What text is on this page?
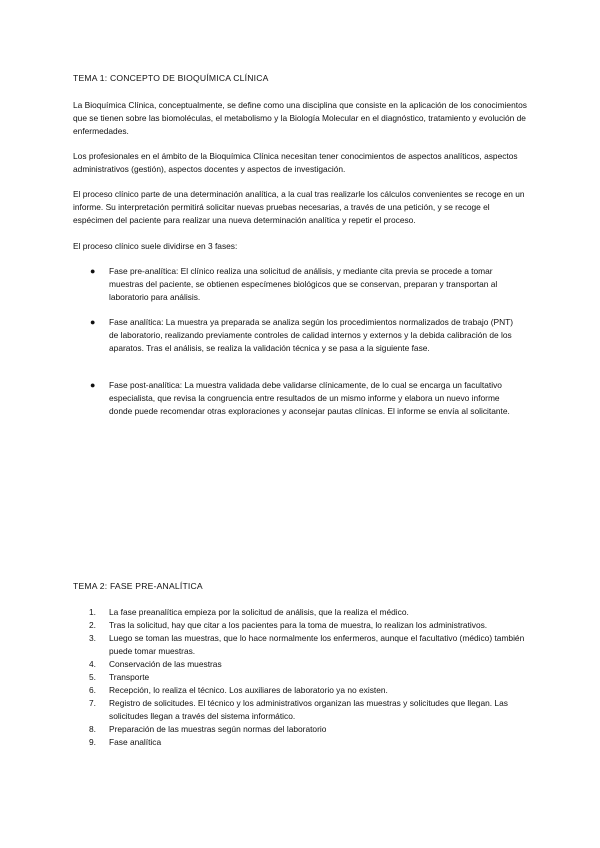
TEMA 1: CONCEPTO DE BIOQUÍMICA CLÍNICA

La Bioquímica Clínica, conceptualmente, se define como una disciplina que consiste en la aplicación de los conocimientos que se tienen sobre las biomoléculas, el metabolismo y la Biología Molecular en el diagnóstico, tratamiento y evolución de enfermedades.

Los profesionales en el ámbito de la Bioquímica Clínica necesitan tener conocimientos de aspectos analíticos, aspectos administrativos (gestión), aspectos docentes y aspectos de investigación.

El proceso clínico parte de una determinación analítica, a la cual tras realizarle los cálculos convenientes se recoge en un informe. Su interpretación permitirá solicitar nuevas pruebas necesarias, a través de una petición, y se recoge el espécimen del paciente para realizar una nueva determinación analítica y repetir el proceso.

El proceso clínico suele dividirse en 3 fases:

● Fase pre-analítica: El clínico realiza una solicitud de análisis, y mediante cita previa se procede a tomar muestras del paciente, se obtienen especímenes biológicos que se conservan, preparan y transportan al laboratorio para análisis.
● Fase analítica: La muestra ya preparada se analiza según los procedimientos normalizados de trabajo (PNT) de laboratorio, realizando previamente controles de calidad internos y externos y la debida calibración de los aparatos. Tras el análisis, se realiza la validación técnica y se pasa a la siguiente fase.
● Fase post-analítica: La muestra validada debe validarse clínicamente, de lo cual se encarga un facultativo especialista, que revisa la congruencia entre resultados de un mismo informe y elabora un nuevo informe donde puede recomendar otras exploraciones y aconsejar pautas clínicas. El informe se envía al solicitante.
TEMA 2: FASE PRE-ANALÍTICA
1. La fase preanalítica empieza por la solicitud de análisis, que la realiza el médico.
2. Tras la solicitud, hay que citar a los pacientes para la toma de muestra, lo realizan los administrativos.
3. Luego se toman las muestras, que lo hace normalmente los enfermeros, aunque el facultativo (médico) también puede tomar muestras.
4. Conservación de las muestras
5. Transporte
6. Recepción, lo realiza el técnico. Los auxiliares de laboratorio ya no existen.
7. Registro de solicitudes. El técnico y los administrativos organizan las muestras y solicitudes que llegan. Las solicitudes llegan a través del sistema informático.
8. Preparación de las muestras según normas del laboratorio
9. Fase analítica
